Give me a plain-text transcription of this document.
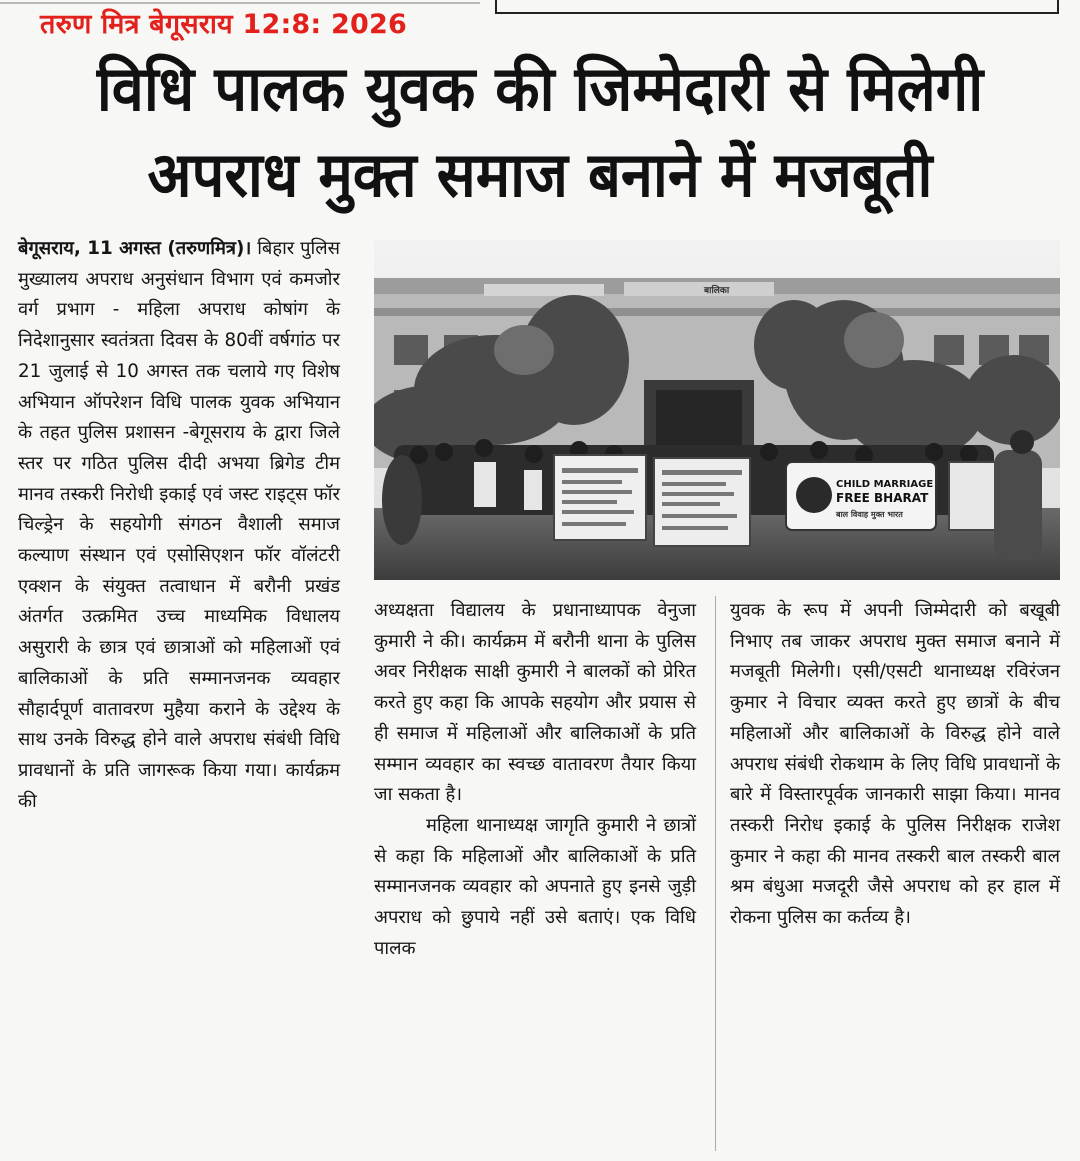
तरुण मित्र बेगूसराय 12:8: 2026
विधि पालक युवक की जिम्मेदारी से मिलेगी
अपराध मुक्त समाज बनाने में मजबूती

बेगूसराय, 11 अगस्त (तरुणमित्र)। बिहार पुलिस मुख्यालय अपराध अनुसंधान विभाग एवं कमजोर वर्ग प्रभाग - महिला अपराध कोषांग के निदेशानुसार स्वतंत्रता दिवस के 80वीं वर्षगांठ पर 21 जुलाई से 10 अगस्त तक चलाये गए विशेष अभियान ऑपरेशन विधि पालक युवक अभियान के तहत पुलिस प्रशासन -बेगूसराय के द्वारा जिले स्तर पर गठित पुलिस दीदी अभया ब्रिगेड टीम मानव तस्करी निरोधी इकाई एवं जस्ट राइट्स फॉर चिल्ड्रेन के सहयोगी संगठन वैशाली समाज कल्याण संस्थान एवं एसोसिएशन फॉर वॉलंटरी एक्शन के संयुक्त तत्वाधान में बरौनी प्रखंड अंतर्गत उत्क्रमित उच्च माध्यमिक विधालय असुरारी के छात्र एवं छात्राओं को महिलाओं एवं बालिकाओं के प्रति सम्मानजनक व्यवहार सौहार्दपूर्ण वातावरण मुहैया कराने के उद्देश्य के साथ उनके विरुद्ध होने वाले अपराध संबंधी विधि प्रावधानों के प्रति जागरूक किया गया। कार्यक्रम की

बालिका
CHILD MARRIAGE
FREE BHARAT
बाल विवाह मुक्त भारत

अध्यक्षता विद्यालय के प्रधानाध्यापक वेनुजा कुमारी ने की। कार्यक्रम में बरौनी थाना के पुलिस अवर निरीक्षक साक्षी कुमारी ने बालकों को प्रेरित करते हुए कहा कि आपके सहयोग और प्रयास से ही समाज में महिलाओं और बालिकाओं के प्रति सम्मान व्यवहार का स्वच्छ वातावरण तैयार किया जा सकता है।

महिला थानाध्यक्ष जागृति कुमारी ने छात्रों से कहा कि महिलाओं और बालिकाओं के प्रति सम्मानजनक व्यवहार को अपनाते हुए इनसे जुड़ी अपराध को छुपाये नहीं उसे बताएं। एक विधि पालक

युवक के रूप में अपनी जिम्मेदारी को बखूबी निभाए तब जाकर अपराध मुक्त समाज बनाने में मजबूती मिलेगी। एसी/एसटी थानाध्यक्ष रविरंजन कुमार ने विचार व्यक्त करते हुए छात्रों के बीच महिलाओं और बालिकाओं के विरुद्ध होने वाले अपराध संबंधी रोकथाम के लिए विधि प्रावधानों के बारे में विस्तारपूर्वक जानकारी साझा किया। मानव तस्करी निरोध इकाई के पुलिस निरीक्षक राजेश कुमार ने कहा की मानव तस्करी बाल तस्करी बाल श्रम बंधुआ मजदूरी जैसे अपराध को हर हाल में रोकना पुलिस का कर्तव्य है।
